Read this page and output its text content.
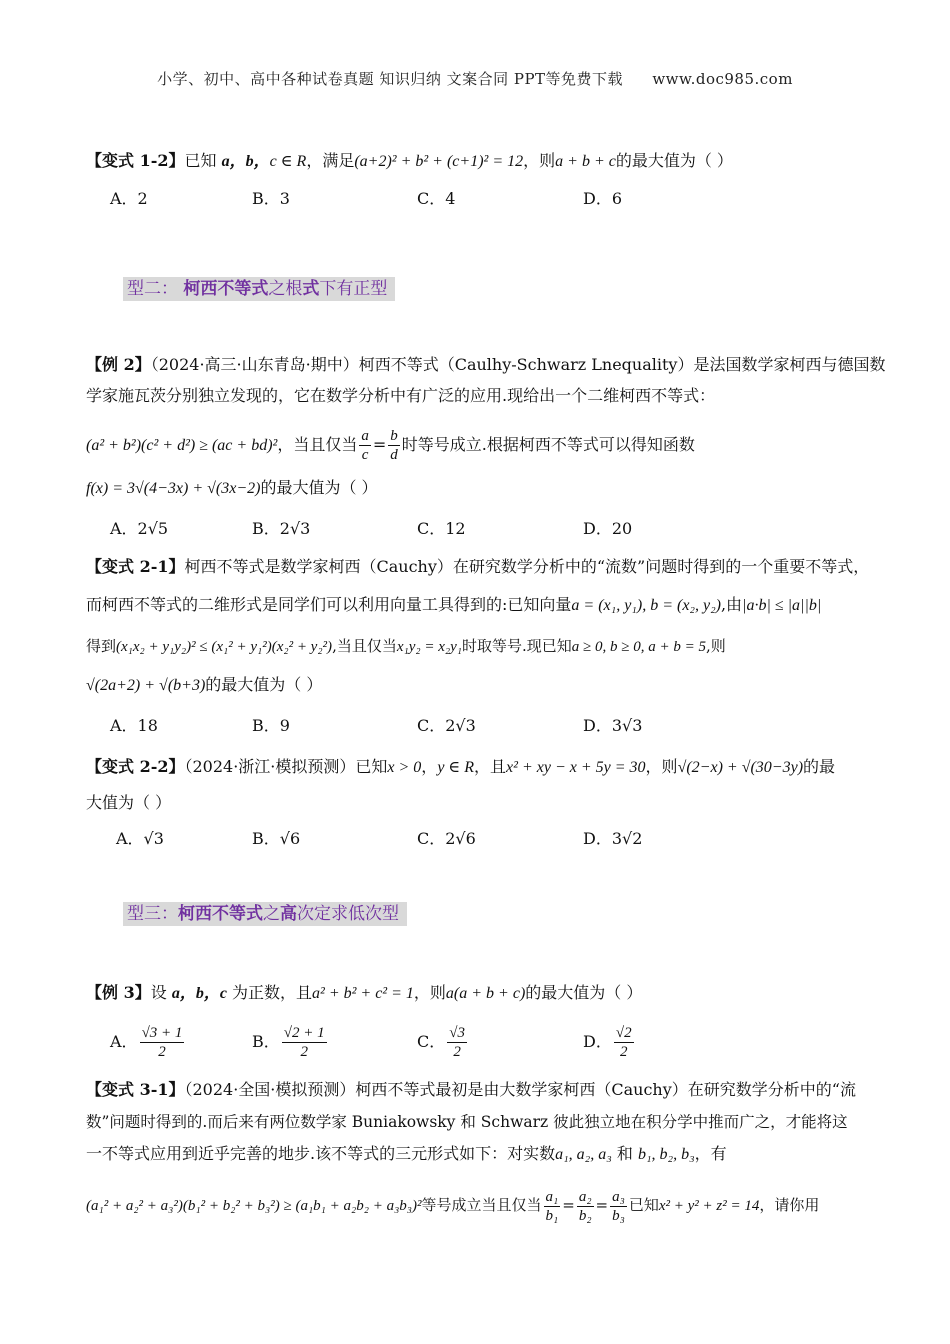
小学、初中、高中各种试卷真题 知识归纳 文案合同 PPT等免费下载 www.doc985.com
【变式 1-2】已知 a，b，c ∈ R，满足(a+2)² + b² + (c+1)² = 12，则a + b + c的最大值为（ ）
A．2	B．3	C．4	D．6
型二： 柯西不等式之根式下有正型
【例 2】（2024·高三·山东青岛·期中）柯西不等式（Caulhy-Schwarz Lnequality）是法国数学家柯西与德国数
学家施瓦茨分别独立发现的，它在数学分析中有广泛的应用.现给出一个二维柯西不等式：
(a² + b²)(c² + d²) ≥ (ac + bd)²，当且仅当 $\frac{a}{c} = \frac{b}{d}$ 时等号成立.根据柯西不等式可以得知函数
f(x) = 3√(4−3x) + √(3x−2)的最大值为（ ）
A．2√5	B．2√3	C．12	D．20
【变式 2-1】柯西不等式是数学家柯西（Cauchy）在研究数学分析中的“流数”问题时得到的一个重要不等式，
而柯西不等式的二维形式是同学们可以利用向量工具得到的:已知向量a = (x₁, y₁), b = (x₂, y₂),由|a·b| ≤ |a||b|
得到(x₁x₂ + y₁y₂)² ≤ (x₁² + y₁²)(x₂² + y₂²),当且仅当x₁y₂ = x₂y₁时取等号.现已知a ≥ 0, b ≥ 0, a + b = 5,则
√(2a+2) + √(b+3)的最大值为（ ）
A．18	B．9	C．2√3	D．3√3
【变式 2-2】（2024·浙江·模拟预测）已知x > 0，y ∈ R，且x² + xy − x + 5y = 30，则√(2−x) + √(30−3y)的最
大值为（ ）
A．√3	B．√6	C．2√6	D．3√2
型三：柯西不等式之高次定求低次型
【例 3】设 a，b，c 为正数，且a² + b² + c² = 1，则a(a + b + c)的最大值为（ ）
A． $\frac{√3 + 1}{2}$	B． $\frac{√2 + 1}{2}$	C． $\frac{√3}{2}$	D． $\frac{√2}{2}$
【变式 3-1】（2024·全国·模拟预测）柯西不等式最初是由大数学家柯西（Cauchy）在研究数学分析中的“流
数”问题时得到的.而后来有两位数学家 Buniakowsky 和 Schwarz 彼此独立地在积分学中推而广之，才能将这
一不等式应用到近乎完善的地步.该不等式的三元形式如下：对实数a₁, a₂, a₃ 和 b₁, b₂, b₃，有
(a₁² + a₂² + a₃²)(b₁² + b₂² + b₃²) ≥ (a₁b₁ + a₂b₂ + a₃b₃)²等号成立当且仅当 $\frac{\text{a₁}}{\text{b₁}} = \frac{\text{a₂}}{\text{b₂}} = \frac{\text{a₃}}{\text{b₃}}$ 已知x² + y² + z² = 14，请你用
